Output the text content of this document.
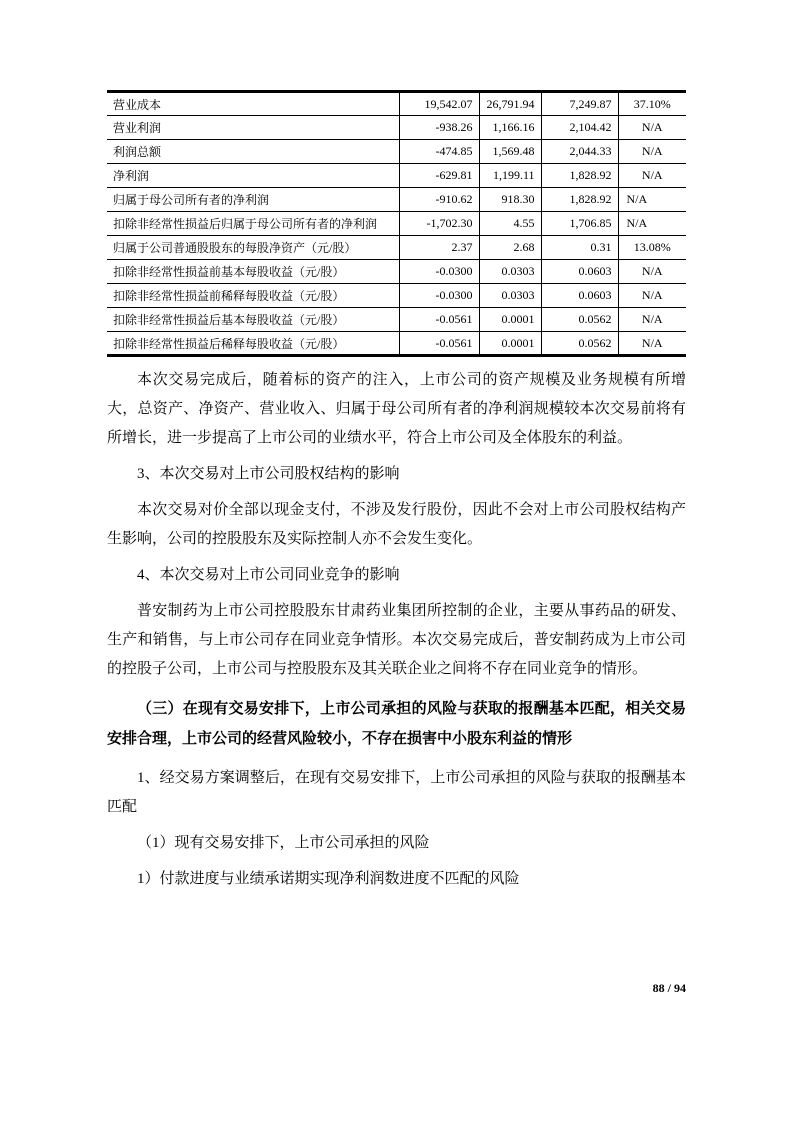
营业成本	19,542.07	26,791.94	7,249.87	37.10%
营业利润	-938.26	1,166.16	2,104.42	N/A
利润总额	-474.85	1,569.48	2,044.33	N/A
净利润	-629.81	1,199.11	1,828.92	N/A
归属于母公司所有者的净利润	-910.62	918.30	1,828.92	N/A
扣除非经常性损益后归属于母公司所有者的净利润	-1,702.30	4.55	1,706.85	N/A
归属于公司普通股股东的每股净资产（元/股）	2.37	2.68	0.31	13.08%
扣除非经常性损益前基本每股收益（元/股）	-0.0300	0.0303	0.0603	N/A
扣除非经常性损益前稀释每股收益（元/股）	-0.0300	0.0303	0.0603	N/A
扣除非经常性损益后基本每股收益（元/股）	-0.0561	0.0001	0.0562	N/A
扣除非经常性损益后稀释每股收益（元/股）	-0.0561	0.0001	0.0562	N/A

本次交易完成后，随着标的资产的注入，上市公司的资产规模及业务规模有所增大，总资产、净资产、营业收入、归属于母公司所有者的净利润规模较本次交易前将有所增长，进一步提高了上市公司的业绩水平，符合上市公司及全体股东的利益。

3、本次交易对上市公司股权结构的影响

本次交易对价全部以现金支付，不涉及发行股份，因此不会对上市公司股权结构产生影响，公司的控股股东及实际控制人亦不会发生变化。

4、本次交易对上市公司同业竞争的影响

普安制药为上市公司控股股东甘肃药业集团所控制的企业，主要从事药品的研发、生产和销售，与上市公司存在同业竞争情形。本次交易完成后，普安制药成为上市公司的控股子公司，上市公司与控股股东及其关联企业之间将不存在同业竞争的情形。

（三）在现有交易安排下，上市公司承担的风险与获取的报酬基本匹配，相关交易安排合理，上市公司的经营风险较小，不存在损害中小股东利益的情形

1、经交易方案调整后，在现有交易安排下，上市公司承担的风险与获取的报酬基本匹配

（1）现有交易安排下，上市公司承担的风险

1）付款进度与业绩承诺期实现净利润数进度不匹配的风险

88 / 94
